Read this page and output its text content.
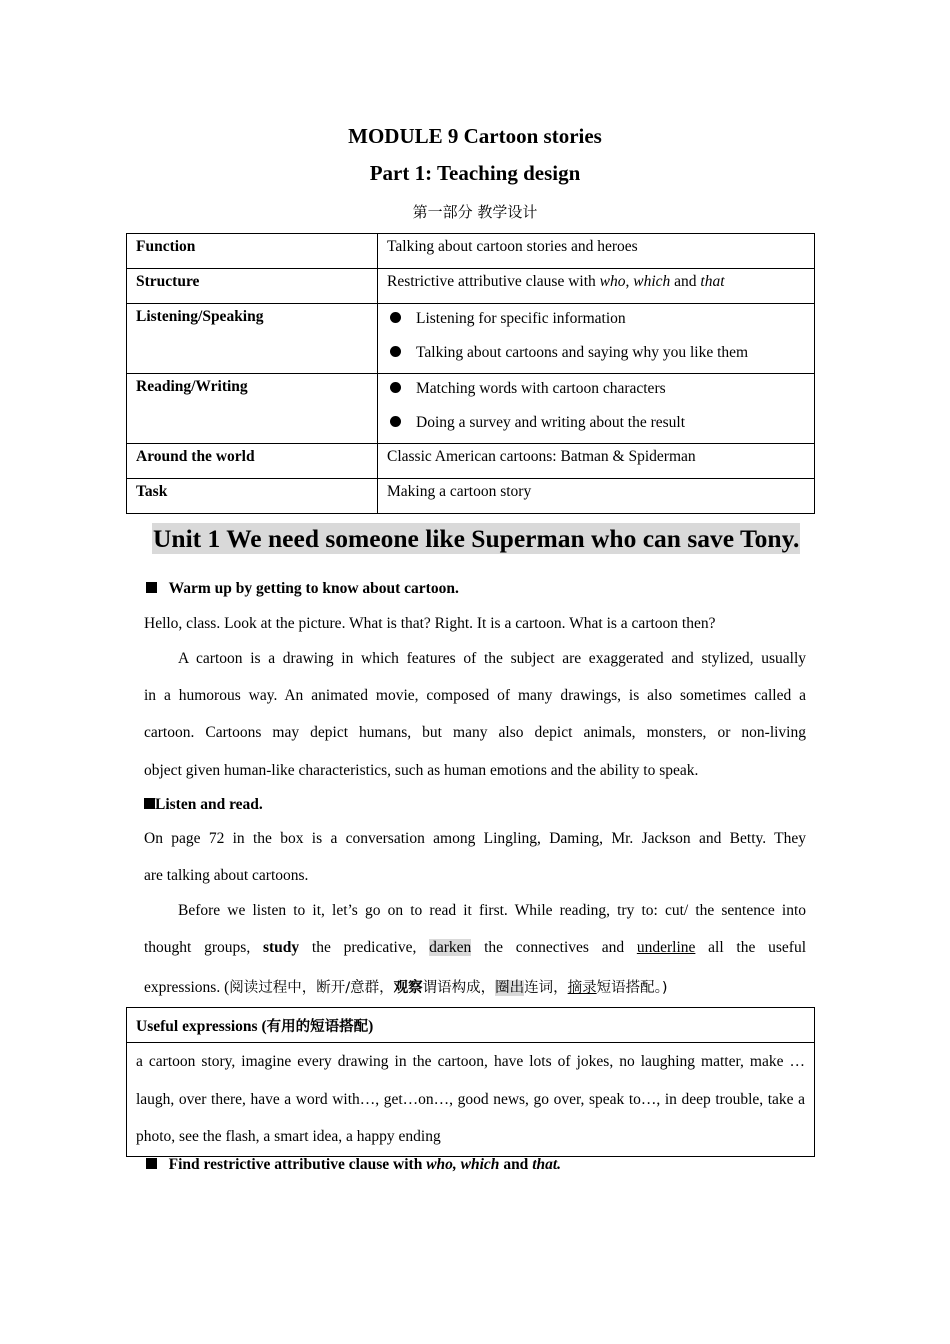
MODULE 9 Cartoon stories
Part 1: Teaching design
第一部分 教学设计
Function	Talking about cartoon stories and heroes
Structure	Restrictive attributive clause with who, which and that
Listening/Speaking	Listening for specific information
Talking about cartoons and saying why you like them

Reading/Writing	Matching words with cartoon characters
Doing a survey and writing about the result

Around the world	Classic American cartoons: Batman & Spiderman
Task	Making a cartoon story
Unit 1 We need someone like Superman who can save Tony.
Warm up by getting to know about cartoon.
Hello, class. Look at the picture. What is that? Right. It is a cartoon. What is a cartoon then?
A cartoon is a drawing in which features of the subject are exaggerated and stylized, usually
in a humorous way. An animated movie, composed of many drawings, is also sometimes called a
cartoon. Cartoons may depict humans, but many also depict animals, monsters, or non-living
object given human-like characteristics, such as human emotions and the ability to speak.
Listen and read.
On page 72 in the box is a conversation among Lingling, Daming, Mr. Jackson and Betty. They
are talking about cartoons.
Before we listen to it, let’s go on to read it first. While reading, try to: cut/ the sentence into
thought groups, study the predicative, darken the connectives and underline all the useful
expressions. (阅读过程中，断开/意群，观察谓语构成，圈出连词，摘录短语搭配。)
Useful expressions (有用的短语搭配)
a cartoon story, imagine every drawing in the cartoon, have lots of jokes, no laughing matter, make …laugh, over there, have a word with…, get…on…, good news, go over, speak to…, in deep trouble, take a photo, see the flash, a smart idea, a happy ending
Find restrictive attributive clause with who, which and that.
